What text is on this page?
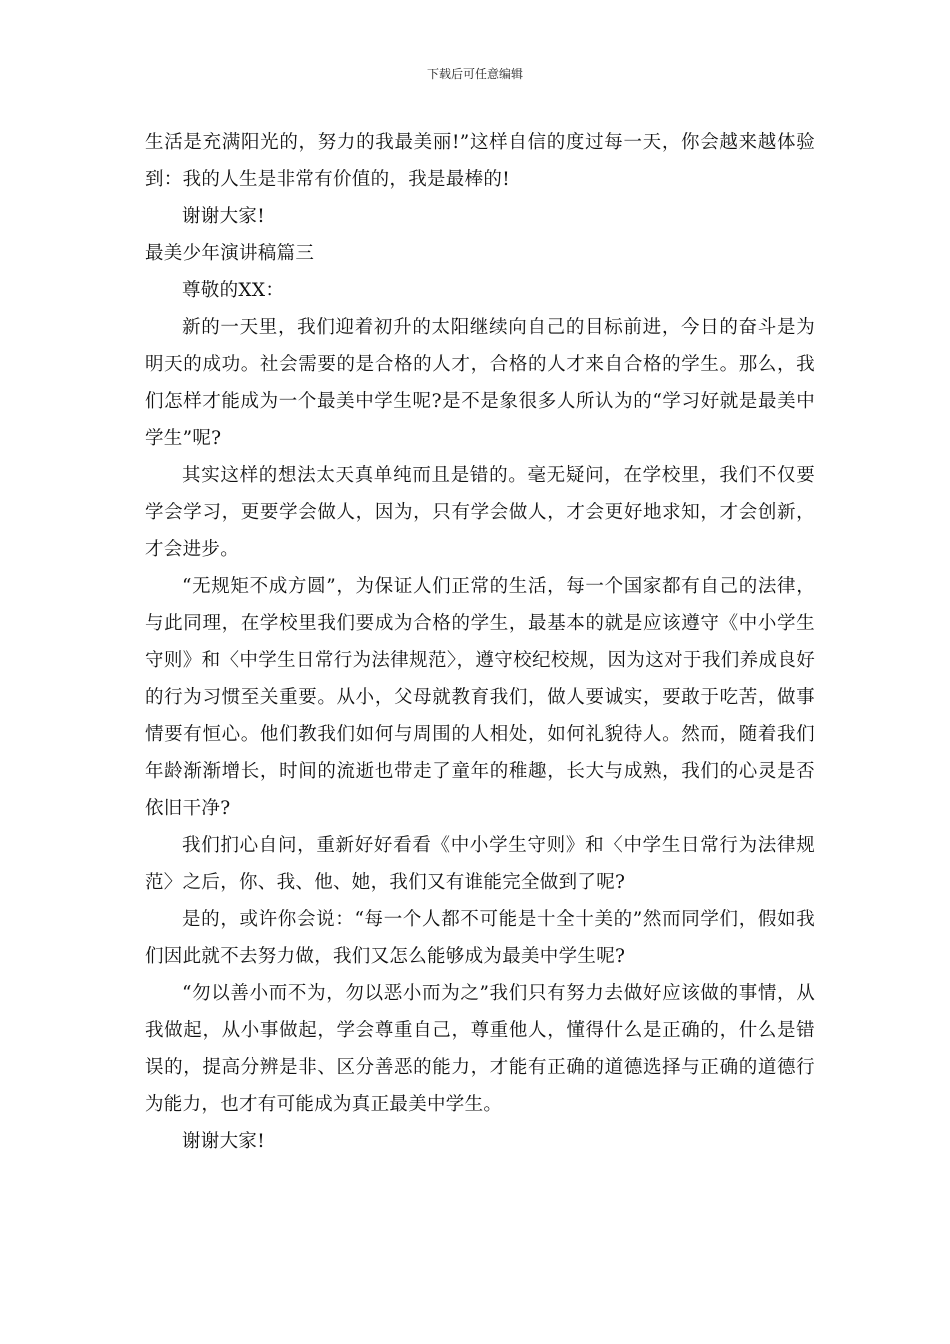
下载后可任意编辑

生活是充满阳光的，努力的我最美丽!”这样自信的度过每一天，你会越来越体验到：我的人生是非常有价值的，我是最棒的!

谢谢大家!

最美少年演讲稿篇三

尊敬的XX：

新的一天里，我们迎着初升的太阳继续向自己的目标前进，今日的奋斗是为明天的成功。社会需要的是合格的人才，合格的人才来自合格的学生。那么，我们怎样才能成为一个最美中学生呢?是不是象很多人所认为的“学习好就是最美中学生”呢?

其实这样的想法太天真单纯而且是错的。毫无疑问，在学校里，我们不仅要学会学习，更要学会做人，因为，只有学会做人，才会更好地求知，才会创新，才会进步。

“无规矩不成方圆”，为保证人们正常的生活，每一个国家都有自己的法律，与此同理，在学校里我们要成为合格的学生，最基本的就是应该遵守《中小学生守则》和〈中学生日常行为法律规范〉，遵守校纪校规，因为这对于我们养成良好的行为习惯至关重要。从小，父母就教育我们，做人要诚实，要敢于吃苦，做事情要有恒心。他们教我们如何与周围的人相处，如何礼貌待人。然而，随着我们年龄渐渐增长，时间的流逝也带走了童年的稚趣，长大与成熟，我们的心灵是否依旧干净?

我们扪心自问，重新好好看看《中小学生守则》和〈中学生日常行为法律规范〉之后，你、我、他、她，我们又有谁能完全做到了呢?

是的，或许你会说：“每一个人都不可能是十全十美的”然而同学们，假如我们因此就不去努力做，我们又怎么能够成为最美中学生呢?

“勿以善小而不为，勿以恶小而为之”我们只有努力去做好应该做的事情，从我做起，从小事做起，学会尊重自己，尊重他人，懂得什么是正确的，什么是错误的，提高分辨是非、区分善恶的能力，才能有正确的道德选择与正确的道德行为能力，也才有可能成为真正最美中学生。

谢谢大家!
